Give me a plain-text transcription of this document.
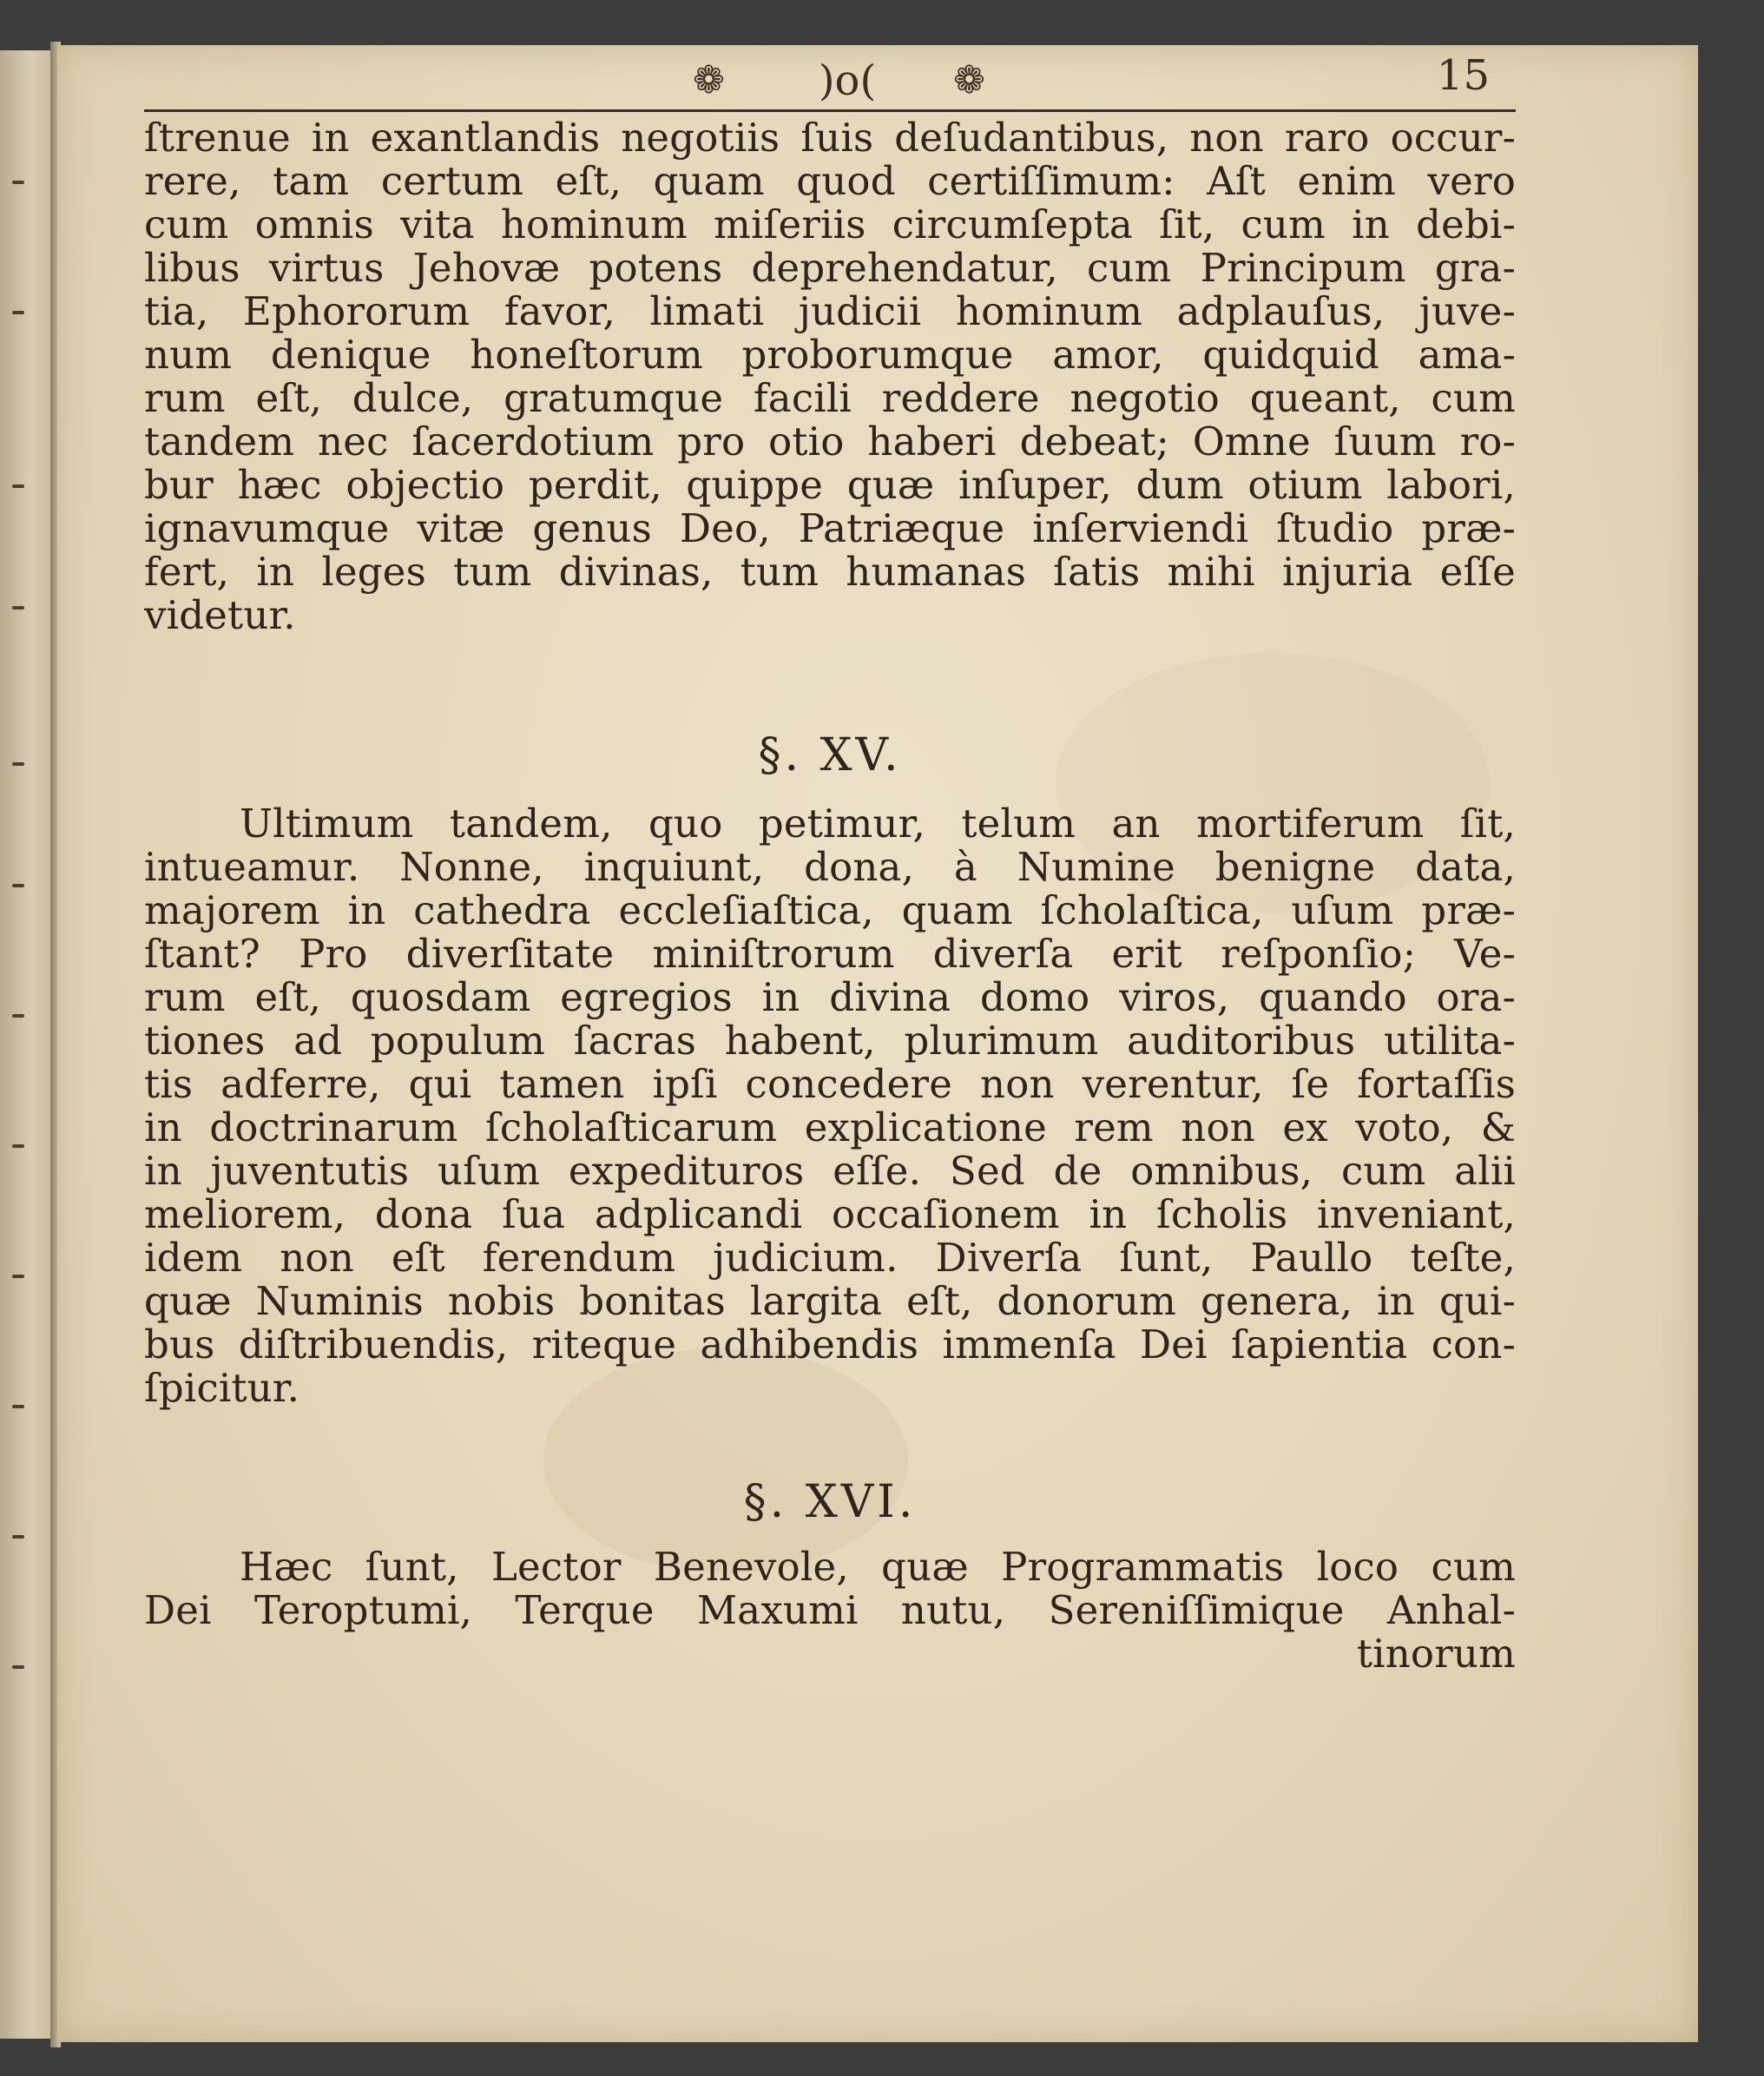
❁	)o(	❁	15
ſtrenue in exantlandis negotiis ſuis deſudantibus, non raro occur-
rere, tam certum eſt, quam quod certiſſimum: Aſt enim vero
cum omnis vita hominum miſeriis circumſepta ſit, cum in debi-
libus virtus Jehovæ potens deprehendatur, cum Principum gra-
tia, Ephororum favor, limati judicii hominum adplauſus, juve-
num denique honeſtorum proborumque amor, quidquid ama-
rum eſt, dulce, gratumque facili reddere negotio queant, cum
tandem nec ſacerdotium pro otio haberi debeat; Omne ſuum ro-
bur hæc objectio perdit, quippe quæ inſuper, dum otium labori,
ignavumque vitæ genus Deo, Patriæque inſerviendi ſtudio præ-
fert, in leges tum divinas, tum humanas ſatis mihi injuria eſſe
videtur.
§. XV.
Ultimum tandem, quo petimur, telum an mortiferum ſit,
intueamur. Nonne, inquiunt, dona, à Numine benigne data,
majorem in cathedra eccleſiaſtica, quam ſcholaſtica, uſum præ-
ſtant? Pro diverſitate miniſtrorum diverſa erit reſponſio; Ve-
rum eſt, quosdam egregios in divina domo viros, quando ora-
tiones ad populum ſacras habent, plurimum auditoribus utilita-
tis adferre, qui tamen ipſi concedere non verentur, ſe fortaſſis
in doctrinarum ſcholaſticarum explicatione rem non ex voto, &
in juventutis uſum expedituros eſſe. Sed de omnibus, cum alii
meliorem, dona ſua adplicandi occaſionem in ſcholis inveniant,
idem non eſt ferendum judicium. Diverſa ſunt, Paullo teſte,
quæ Numinis nobis bonitas largita eſt, donorum genera, in qui-
bus diſtribuendis, riteque adhibendis immenſa Dei ſapientia con-
ſpicitur.
§. XVI.
Hæc ſunt, Lector Benevole, quæ Programmatis loco cum
Dei Teroptumi, Terque Maxumi nutu, Sereniſſimique Anhal-
tinorum
